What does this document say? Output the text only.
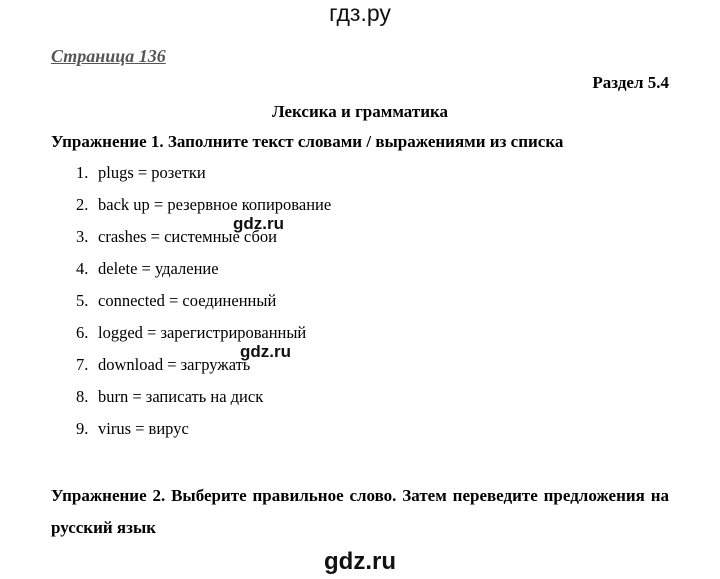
гдз.ру
Страница 136
Раздел 5.4
Лексика и грамматика
Упражнение 1. Заполните текст словами / выражениями из списка
1. plugs = розетки
2. back up = резервное копирование
3. crashes = системные сбои
4. delete = удаление
5. connected = соединенный
6. logged = зарегистрированный
7. download = загружать
8. burn = записать на диск
9. virus = вирус
gdz.ru
gdz.ru
Упражнение 2. Выберите правильное слово. Затем переведите предложения на русский язык
gdz.ru
